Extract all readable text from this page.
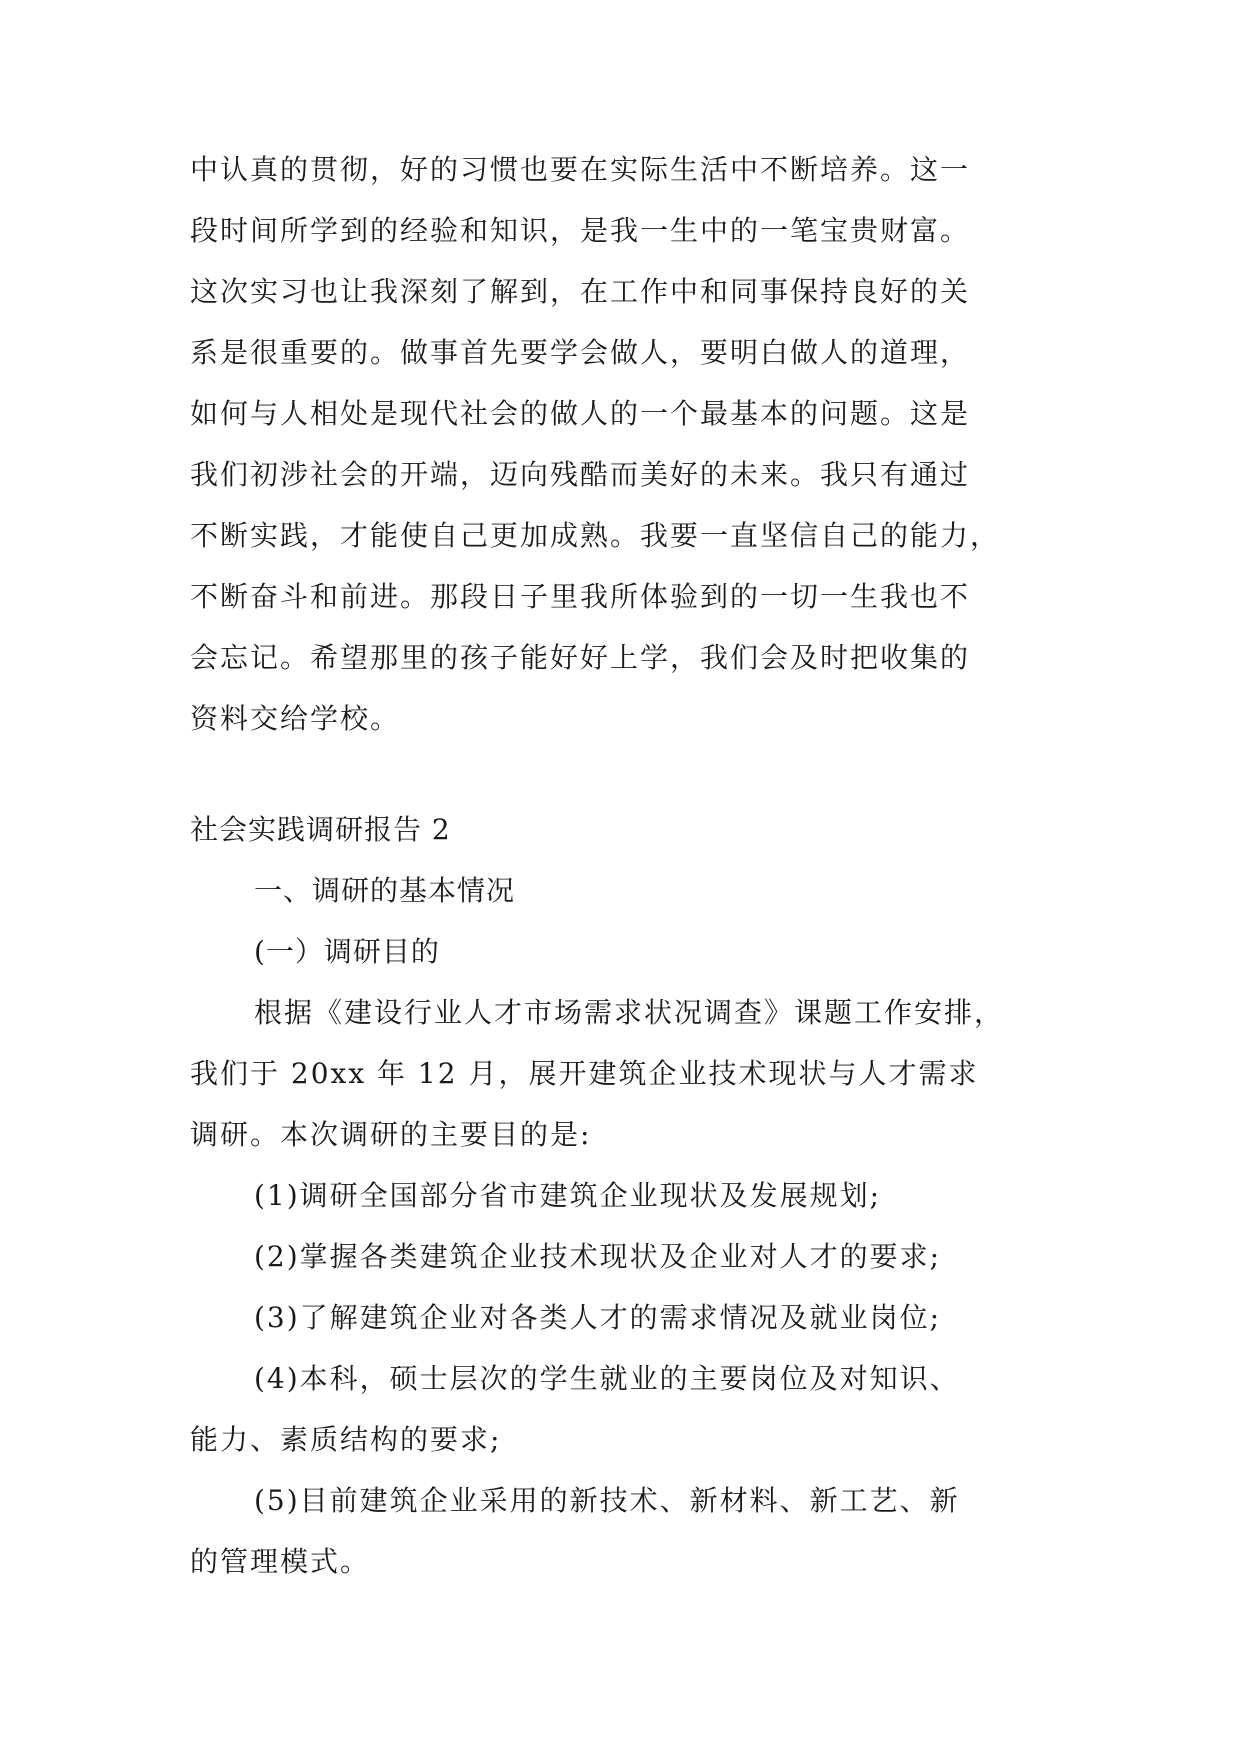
中认真的贯彻，好的习惯也要在实际生活中不断培养。这一
段时间所学到的经验和知识，是我一生中的一笔宝贵财富。
这次实习也让我深刻了解到，在工作中和同事保持良好的关
系是很重要的。做事首先要学会做人，要明白做人的道理，
如何与人相处是现代社会的做人的一个最基本的问题。这是
我们初涉社会的开端，迈向残酷而美好的未来。我只有通过
不断实践，才能使自己更加成熟。我要一直坚信自己的能力，
不断奋斗和前进。那段日子里我所体验到的一切一生我也不
会忘记。希望那里的孩子能好好上学，我们会及时把收集的
资料交给学校。
社会实践调研报告 2
一、调研的基本情况
(一）调研目的
根据《建设行业人才市场需求状况调查》课题工作安排，
我们于 20xx 年 12 月，展开建筑企业技术现状与人才需求
调研。本次调研的主要目的是:
(1)调研全国部分省市建筑企业现状及发展规划;
(2)掌握各类建筑企业技术现状及企业对人才的要求;
(3)了解建筑企业对各类人才的需求情况及就业岗位;
(4)本科，硕士层次的学生就业的主要岗位及对知识、
能力、素质结构的要求;
(5)目前建筑企业采用的新技术、新材料、新工艺、新
的管理模式。
